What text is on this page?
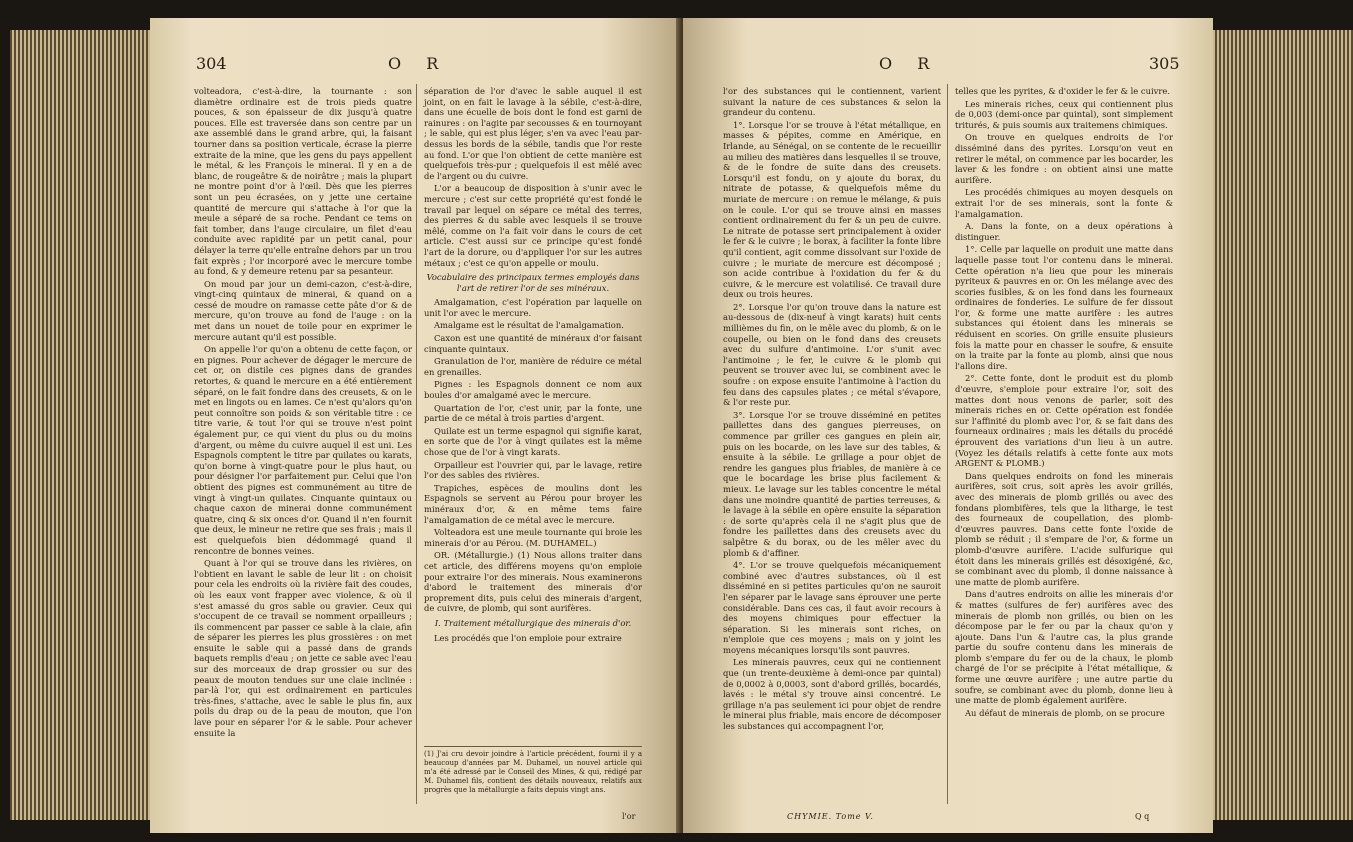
304	O R

volteadora, c'est-à-dire, la tournante : son diamètre ordinaire est de trois pieds quatre pouces, & son épaisseur de dix jusqu'à quatre pouces. Elle est traversée dans son centre par un axe assemblé dans le grand arbre, qui, la faisant tourner dans sa position verticale, écrase la pierre extraite de la mine, que les gens du pays appellent le métal, & les François le minerai. Il y en a de blanc, de rougeâtre & de noirâtre ; mais la plupart ne montre point d'or à l'œil. Dès que les pierres sont un peu écrasées, on y jette une certaine quantité de mercure qui s'attache à l'or que la meule a séparé de sa roche. Pendant ce tems on fait tomber, dans l'auge circulaire, un filet d'eau conduite avec rapidité par un petit canal, pour délayer la terre qu'elle entraîne dehors par un trou fait exprès ; l'or incorporé avec le mercure tombe au fond, & y demeure retenu par sa pesanteur.

On moud par jour un demi-cazon, c'est-à-dire, vingt-cinq quintaux de minerai, & quand on a cessé de moudre on ramasse cette pâte d'or & de mercure, qu'on trouve au fond de l'auge : on la met dans un nouet de toile pour en exprimer le mercure autant qu'il est possible.

On appelle l'or qu'on a obtenu de cette façon, or en pignes. Pour achever de dégager le mercure de cet or, on distile ces pignes dans de grandes retortes, & quand le mercure en a été entièrement séparé, on le fait fondre dans des creusets, & on le met en lingots ou en lames. Ce n'est qu'alors qu'on peut connoître son poids & son véritable titre : ce titre varie, & tout l'or qui se trouve n'est point également pur, ce qui vient du plus ou du moins d'argent, ou même du cuivre auquel il est uni. Les Espagnols comptent le titre par quilates ou karats, qu'on borne à vingt-quatre pour le plus haut, ou pour désigner l'or parfaitement pur. Celui que l'on obtient des pignes est communément au titre de vingt à vingt-un quilates. Cinquante quintaux ou chaque caxon de minerai donne communément quatre, cinq & six onces d'or. Quand il n'en fournit que deux, le mineur ne retire que ses frais ; mais il est quelquefois bien dédommagé quand il rencontre de bonnes veines.

Quant à l'or qui se trouve dans les rivières, on l'obtient en lavant le sable de leur lit : on choisit pour cela les endroits où la rivière fait des coudes, où les eaux vont frapper avec violence, & où il s'est amassé du gros sable ou gravier. Ceux qui s'occupent de ce travail se nomment orpailleurs ; ils commencent par passer ce sable à la claie, afin de séparer les pierres les plus grossières : on met ensuite le sable qui a passé dans de grands baquets remplis d'eau ; on jette ce sable avec l'eau sur des morceaux de drap grossier ou sur des peaux de mouton tendues sur une claie inclinée : par-là l'or, qui est ordinairement en particules très-fines, s'attache, avec le sable le plus fin, aux poils du drap ou de la peau de mouton, que l'on lave pour en séparer l'or & le sable. Pour achever ensuite la

séparation de l'or d'avec le sable auquel il est joint, on en fait le lavage à la sébile, c'est-à-dire, dans une écuelle de bois dont le fond est garni de rainures : on l'agite par secousses & en tournoyant ; le sable, qui est plus léger, s'en va avec l'eau par-dessus les bords de la sébile, tandis que l'or reste au fond. L'or que l'on obtient de cette manière est quelquefois très-pur ; quelquefois il est mêlé avec de l'argent ou du cuivre.

L'or a beaucoup de disposition à s'unir avec le mercure ; c'est sur cette propriété qu'est fondé le travail par lequel on sépare ce métal des terres, des pierres & du sable avec lesquels il se trouve mêlé, comme on l'a fait voir dans le cours de cet article. C'est aussi sur ce principe qu'est fondé l'art de la dorure, ou d'appliquer l'or sur les autres métaux ; c'est ce qu'on appelle or moulu.

Vocabulaire des principaux termes employés dans l'art de retirer l'or de ses minéraux.

Amalgamation, c'est l'opération par laquelle on unit l'or avec le mercure.

Amalgame est le résultat de l'amalgamation.

Caxon est une quantité de minéraux d'or faisant cinquante quintaux.

Granulation de l'or, manière de réduire ce métal en grenailles.

Pignes : les Espagnols donnent ce nom aux boules d'or amalgamé avec le mercure.

Quartation de l'or, c'est unir, par la fonte, une partie de ce métal à trois parties d'argent.

Quilate est un terme espagnol qui signifie karat, en sorte que de l'or à vingt quilates est la même chose que de l'or à vingt karats.

Orpailleur est l'ouvrier qui, par le lavage, retire l'or des sables des rivières.

Trapiches, espèces de moulins dont les Espagnols se servent au Pérou pour broyer les minéraux d'or, & en même tems faire l'amalgamation de ce métal avec le mercure.

Volteadora est une meule tournante qui broie les minerais d'or au Pérou. (M. DUHAMEL.)

OR. (Métallurgie.) (1) Nous allons traiter dans cet article, des différens moyens qu'on emploie pour extraire l'or des minerais. Nous examinerons d'abord le traitement des minerais d'or proprement dits, puis celui des minerais d'argent, de cuivre, de plomb, qui sont aurifères.

I. Traitement métallurgique des minerais d'or.

Les procédés que l'on emploie pour extraire

(1) J'ai cru devoir joindre à l'article précédent, fourni il y a beaucoup d'années par M. Duhamel, un nouvel article qui m'a été adressé par le Conseil des Mines, & qui, rédigé par M. Duhamel fils, contient des détails nouveaux, relatifs aux progrès que la métallurgie a faits depuis vingt ans.
l'or
O R	305

l'or des substances qui le contiennent, varient suivant la nature de ces substances & selon la grandeur du contenu.

1°. Lorsque l'or se trouve à l'état métallique, en masses & pépites, comme en Amérique, en Irlande, au Sénégal, on se contente de le recueillir au milieu des matières dans lesquelles il se trouve, & de le fondre de suite dans des creusets. Lorsqu'il est fondu, on y ajoute du borax, du nitrate de potasse, & quelquefois même du muriate de mercure : on remue le mélange, & puis on le coule. L'or qui se trouve ainsi en masses contient ordinairement du fer & un peu de cuivre. Le nitrate de potasse sert principalement à oxider le fer & le cuivre ; le borax, à faciliter la fonte libre qu'il contient, agit comme dissolvant sur l'oxide de cuivre ; le muriate de mercure est décomposé ; son acide contribue à l'oxidation du fer & du cuivre, & le mercure est volatilisé. Ce travail dure deux ou trois heures.

2°. Lorsque l'or qu'on trouve dans la nature est au-dessous de (dix-neuf à vingt karats) huit cents millièmes du fin, on le mêle avec du plomb, & on le coupelle, ou bien on le fond dans des creusets avec du sulfure d'antimoine. L'or s'unit avec l'antimoine ; le fer, le cuivre & le plomb qui peuvent se trouver avec lui, se combinent avec le soufre : on expose ensuite l'antimoine à l'action du feu dans des capsules plates ; ce métal s'évapore, & l'or reste pur.

3°. Lorsque l'or se trouve disséminé en petites paillettes dans des gangues pierreuses, on commence par griller ces gangues en plein air, puis on les bocarde, on les lave sur des tables, & ensuite à la sébile. Le grillage a pour objet de rendre les gangues plus friables, de manière à ce que le bocardage les brise plus facilement & mieux. Le lavage sur les tables concentre le métal dans une moindre quantité de parties terreuses, & le lavage à la sébile en opère ensuite la séparation : de sorte qu'après cela il ne s'agit plus que de fondre les paillettes dans des creusets avec du salpêtre & du borax, ou de les mêler avec du plomb & d'affiner.

4°. L'or se trouve quelquefois mécaniquement combiné avec d'autres substances, où il est disséminé en si petites particules qu'on ne sauroit l'en séparer par le lavage sans éprouver une perte considérable. Dans ces cas, il faut avoir recours à des moyens chimiques pour effectuer la séparation. Si les minerais sont riches, on n'emploie que ces moyens ; mais on y joint les moyens mécaniques lorsqu'ils sont pauvres.

Les minerais pauvres, ceux qui ne contiennent que (un trente-deuxième à demi-once par quintal) de 0,0002 à 0,0003, sont d'abord grillés, bocardés, lavés : le métal s'y trouve ainsi concentré. Le grillage n'a pas seulement ici pour objet de rendre le minerai plus friable, mais encore de décomposer les substances qui accompagnent l'or,

telles que les pyrites, & d'oxider le fer & le cuivre.

Les minerais riches, ceux qui contiennent plus de 0,003 (demi-once par quintal), sont simplement triturés, & puis soumis aux traitemens chimiques.

On trouve en quelques endroits de l'or disséminé dans des pyrites. Lorsqu'on veut en retirer le métal, on commence par les bocarder, les laver & les fondre : on obtient ainsi une matte aurifère.

Les procédés chimiques au moyen desquels on extrait l'or de ses minerais, sont la fonte & l'amalgamation.

A. Dans la fonte, on a deux opérations à distinguer.

1°. Celle par laquelle on produit une matte dans laquelle passe tout l'or contenu dans le minerai. Cette opération n'a lieu que pour les minerais pyriteux & pauvres en or. On les mélange avec des scories fusibles, & on les fond dans les fourneaux ordinaires de fonderies. Le sulfure de fer dissout l'or, & forme une matte aurifère : les autres substances qui étoient dans les minerais se réduisent en scories. On grille ensuite plusieurs fois la matte pour en chasser le soufre, & ensuite on la traite par la fonte au plomb, ainsi que nous l'allons dire.

2°. Cette fonte, dont le produit est du plomb d'œuvre, s'emploie pour extraire l'or, soit des mattes dont nous venons de parler, soit des minerais riches en or. Cette opération est fondée sur l'affinité du plomb avec l'or, & se fait dans des fourneaux ordinaires ; mais les détails du procédé éprouvent des variations d'un lieu à un autre. (Voyez les détails relatifs à cette fonte aux mots ARGENT & PLOMB.)

Dans quelques endroits on fond les minerais aurifères, soit crus, soit après les avoir grillés, avec des minerais de plomb grillés ou avec des fondans plombifères, tels que la litharge, le test des fourneaux de coupellation, des plomb-d'œuvres pauvres. Dans cette fonte l'oxide de plomb se réduit ; il s'empare de l'or, & forme un plomb-d'œuvre aurifère. L'acide sulfurique qui étoit dans les minerais grillés est désoxigéné, &c, se combinant avec du plomb, il donne naissance à une matte de plomb aurifère.

Dans d'autres endroits on allie les minerais d'or & mattes (sulfures de fer) aurifères avec des minerais de plomb non grillés, ou bien on les décompose par le fer ou par la chaux qu'on y ajoute. Dans l'un & l'autre cas, la plus grande partie du soufre contenu dans les minerais de plomb s'empare du fer ou de la chaux, le plomb chargé de l'or se précipite à l'état métallique, & forme une œuvre aurifère ; une autre partie du soufre, se combinant avec du plomb, donne lieu à une matte de plomb également aurifère.

Au défaut de minerais de plomb, on se procure

CHYMIE. Tome V.	Q q
